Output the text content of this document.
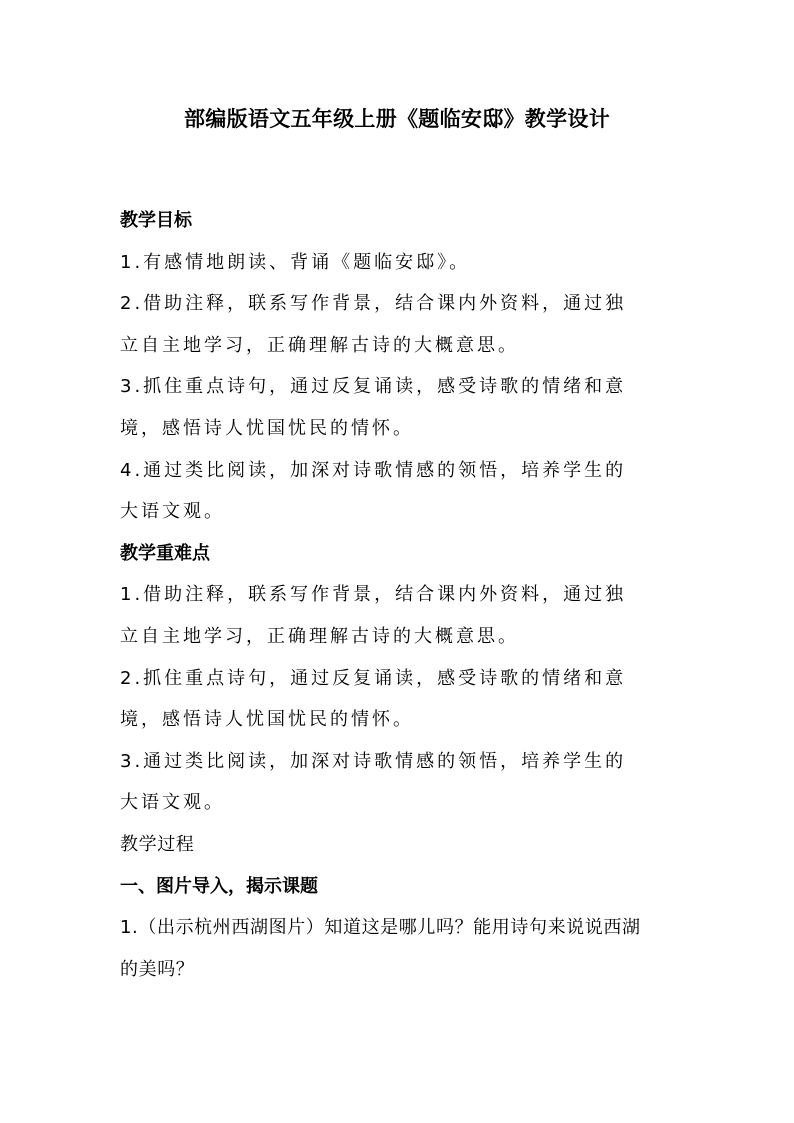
部编版语文五年级上册《题临安邸》教学设计
教学目标
1.有感情地朗读、背诵《题临安邸》。
2.借助注释，联系写作背景，结合课内外资料，通过独
立自主地学习，正确理解古诗的大概意思。
3.抓住重点诗句，通过反复诵读，感受诗歌的情绪和意
境，感悟诗人忧国忧民的情怀。
4.通过类比阅读，加深对诗歌情感的领悟，培养学生的
大语文观。
教学重难点
1.借助注释，联系写作背景，结合课内外资料，通过独
立自主地学习，正确理解古诗的大概意思。
2.抓住重点诗句，通过反复诵读，感受诗歌的情绪和意
境，感悟诗人忧国忧民的情怀。
3.通过类比阅读，加深对诗歌情感的领悟，培养学生的
大语文观。
教学过程
一、图片导入，揭示课题
1.（出示杭州西湖图片）知道这是哪儿吗？能用诗句来说说西湖
的美吗？
